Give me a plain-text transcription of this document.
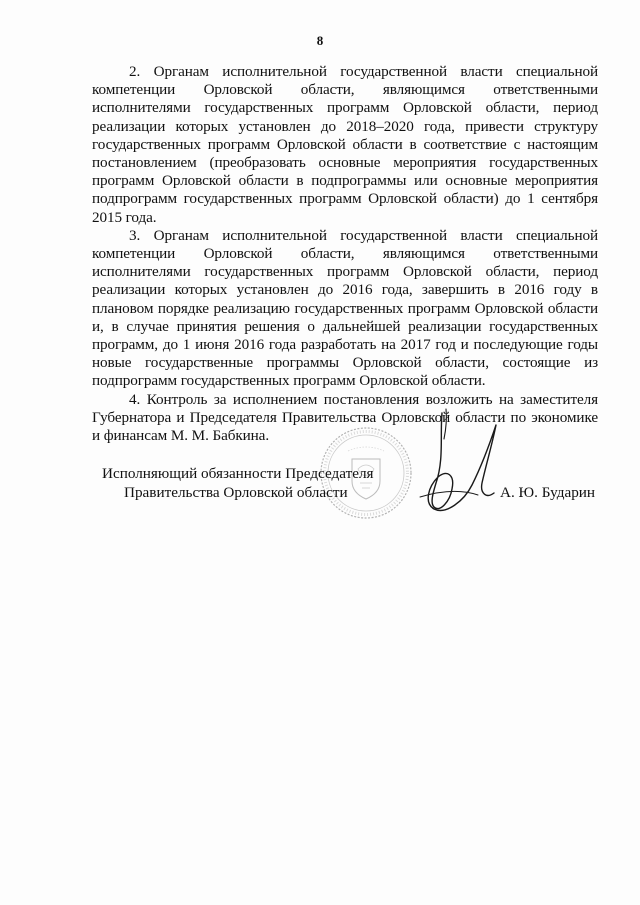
8

2. Органам исполнительной государственной власти специальной компетенции Орловской области, являющимся ответственными исполнителями государственных программ Орловской области, период реализации которых установлен до 2018–2020 года, привести структуру государственных программ Орловской области в соответствие с настоящим постановлением (преобразовать основные мероприятия государственных программ Орловской области в подпрограммы или основные мероприятия подпрограмм государственных программ Орловской области) до 1 сентября 2015 года.

3. Органам исполнительной государственной власти специальной компетенции Орловской области, являющимся ответственными исполнителями государственных программ Орловской области, период реализации которых установлен до 2016 года, завершить в 2016 году в плановом порядке реализацию государственных программ Орловской области и, в случае принятия решения о дальнейшей реализации государственных программ, до 1 июня 2016 года разработать на 2017 год и последующие годы новые государственные программы Орловской области, состоящие из подпрограмм государственных программ Орловской области.

4. Контроль за исполнением постановления возложить на заместителя Губернатора и Председателя Правительства Орловской области по экономике и финансам М. М. Бабкина.

Исполняющий обязанности Председателя
Правительства Орловской области	А. Ю. Бударин
